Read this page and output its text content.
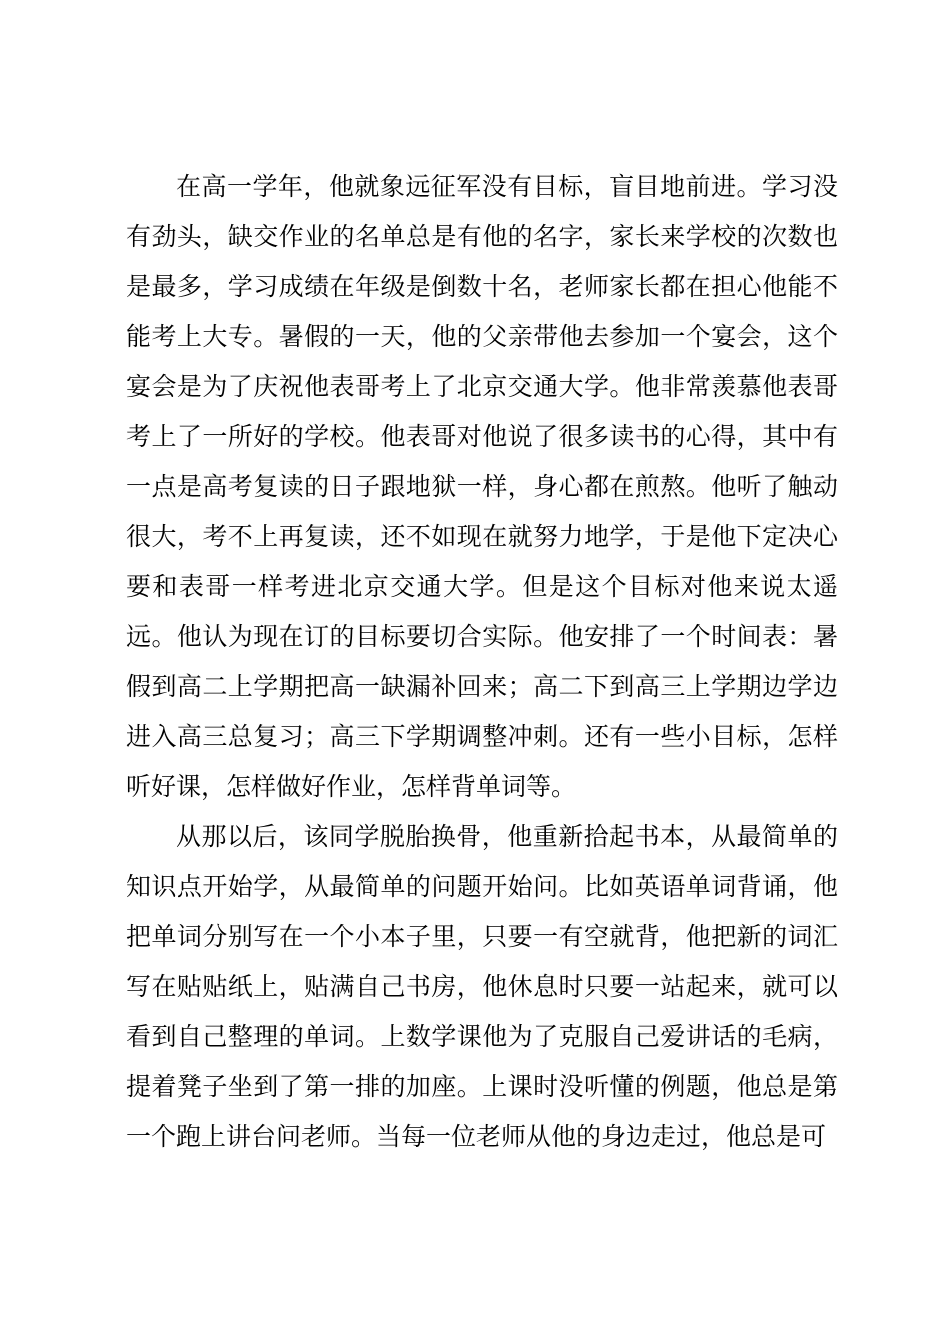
在高一学年，他就象远征军没有目标，盲目地前进。学习没有劲头，缺交作业的名单总是有他的名字，家长来学校的次数也是最多，学习成绩在年级是倒数十名，老师家长都在担心他能不能考上大专。暑假的一天，他的父亲带他去参加一个宴会，这个宴会是为了庆祝他表哥考上了北京交通大学。他非常羡慕他表哥考上了一所好的学校。他表哥对他说了很多读书的心得，其中有一点是高考复读的日子跟地狱一样，身心都在煎熬。他听了触动很大，考不上再复读，还不如现在就努力地学，于是他下定决心要和表哥一样考进北京交通大学。但是这个目标对他来说太遥远。他认为现在订的目标要切合实际。他安排了一个时间表：暑假到高二上学期把高一缺漏补回来；高二下到高三上学期边学边进入高三总复习；高三下学期调整冲刺。还有一些小目标，怎样听好课，怎样做好作业，怎样背单词等。

从那以后，该同学脱胎换骨，他重新拾起书本，从最简单的知识点开始学，从最简单的问题开始问。比如英语单词背诵，他把单词分别写在一个小本子里，只要一有空就背，他把新的词汇写在贴贴纸上，贴满自己书房，他休息时只要一站起来，就可以看到自己整理的单词。上数学课他为了克服自己爱讲话的毛病，提着凳子坐到了第一排的加座。上课时没听懂的例题，他总是第一个跑上讲台问老师。当每一位老师从他的身边走过，他总是可
